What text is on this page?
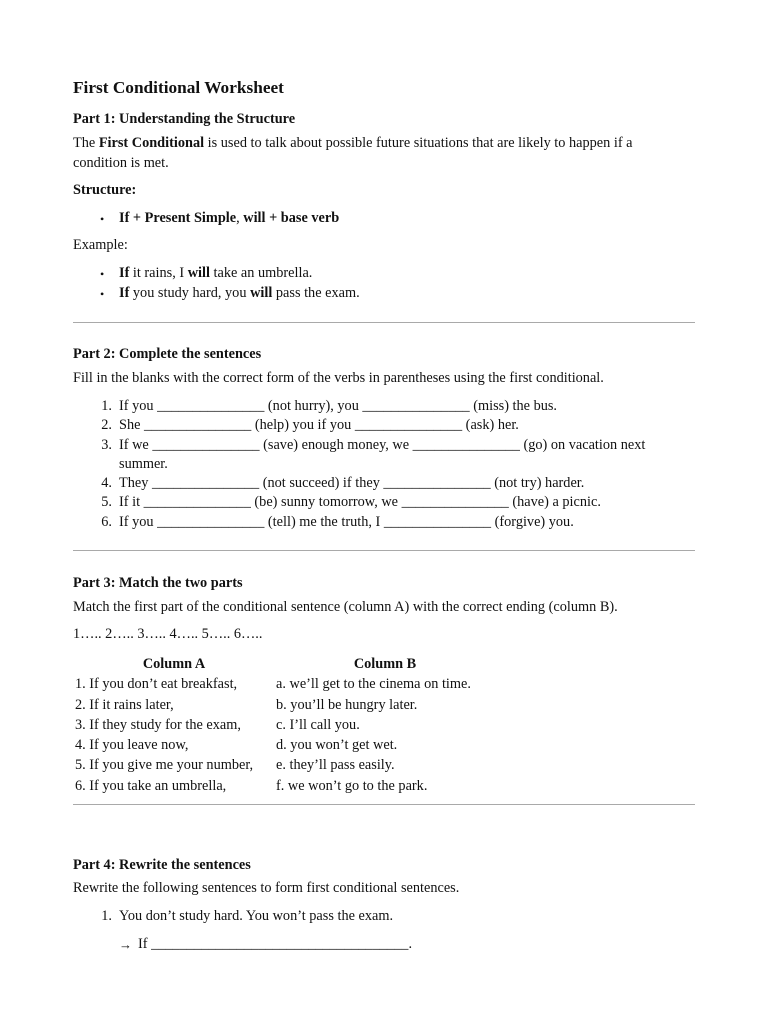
First Conditional Worksheet
Part 1: Understanding the Structure
The First Conditional is used to talk about possible future situations that are likely to happen if a
condition is met.
Structure:
• If + Present Simple, will + base verb
Example:
• If it rains, I will take an umbrella.
• If you study hard, you will pass the exam.
Part 2: Complete the sentences
Fill in the blanks with the correct form of the verbs in parentheses using the first conditional.
1. If you _______________ (not hurry), you _______________ (miss) the bus.
2. She _______________ (help) you if you _______________ (ask) her.
3. If we _______________ (save) enough money, we _______________ (go) on vacation next
summer.
4. They _______________ (not succeed) if they _______________ (not try) harder.
5. If it _______________ (be) sunny tomorrow, we _______________ (have) a picnic.
6. If you _______________ (tell) me the truth, I _______________ (forgive) you.
Part 3: Match the two parts
Match the first part of the conditional sentence (column A) with the correct ending (column B).
1….. 2….. 3….. 4….. 5….. 6…..
Column A	Column B
1. If you don’t eat breakfast,	a. we’ll get to the cinema on time.
2. If it rains later,	b. you’ll be hungry later.
3. If they study for the exam, c. I’ll call you.
4. If you leave now,	d. you won’t get wet.
5. If you give me your number, e. they’ll pass easily.
6. If you take an umbrella,	f. we won’t go to the park.
Part 4: Rewrite the sentences
Rewrite the following sentences to form first conditional sentences.
1. You don’t study hard. You won’t pass the exam.
→ If ____________________________________.
